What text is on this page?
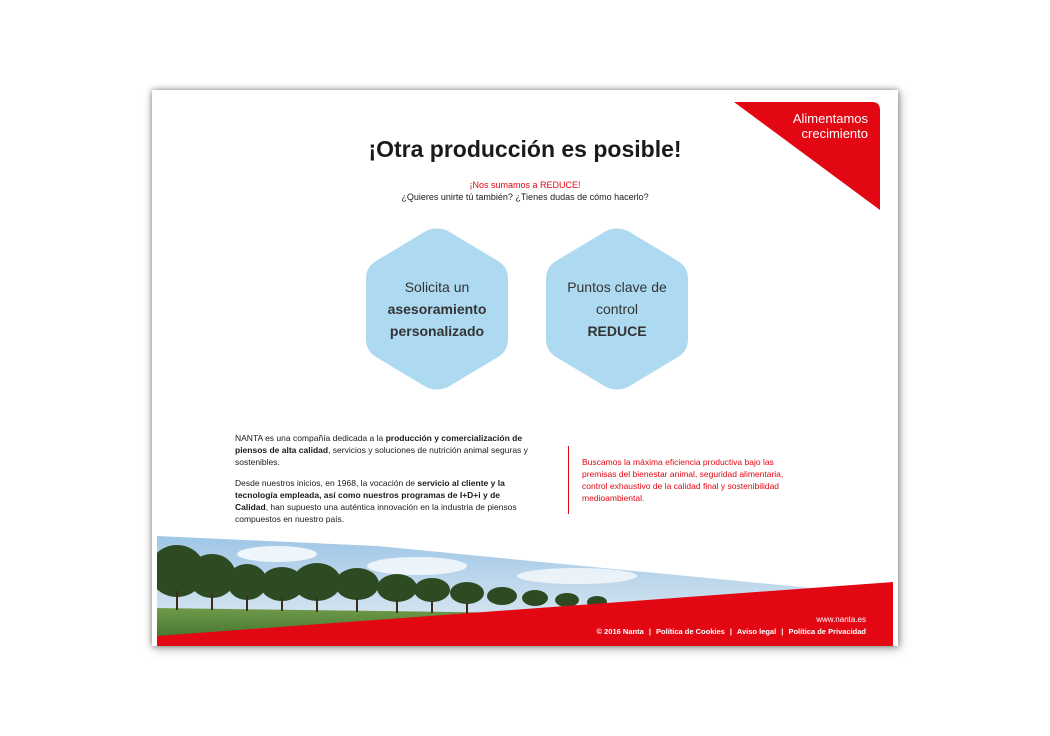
Alimentamos
crecimiento
¡Otra producción es posible!
¡Nos sumamos a REDUCE!
¿Quieres unirte tú también? ¿Tienes dudas de cómo hacerlo?
Solicita un
asesoramiento
personalizado
Puntos clave de
control
REDUCE

NANTA es una compañía dedicada a la producción y comercialización de piensos de alta calidad, servicios y soluciones de nutrición animal seguras y sostenibles.

Desde nuestros inicios, en 1968, la vocación de servicio al cliente y la tecnología empleada, así como nuestros programas de I+D+i y de Calidad, han supuesto una auténtica innovación en la industria de piensos compuestos en nuestro país.

Buscamos la máxima eficiencia productiva bajo las premisas del bienestar animal, seguridad alimentaria, control exhaustivo de la calidad final y sostenibilidad medioambiental.
www.nanta.es
© 2016 Nanta | Política de Cookies | Aviso legal | Política de Privacidad
